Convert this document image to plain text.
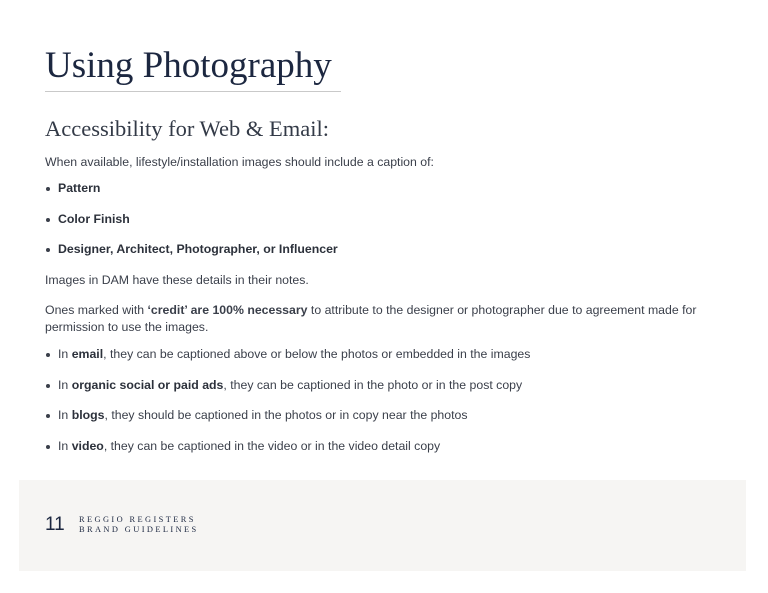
Using Photography
Accessibility for Web & Email:

When available, lifestyle/installation images should include a caption of:

Pattern
Color Finish
Designer, Architect, Photographer, or Influencer

Images in DAM have these details in their notes.

Ones marked with ‘credit’ are 100% necessary to attribute to the designer or photographer due to agreement made for permission to use the images.

In email, they can be captioned above or below the photos or embedded in the images
In organic social or paid ads, they can be captioned in the photo or in the post copy
In blogs, they should be captioned in the photos or in copy near the photos
In video, they can be captioned in the video or in the video detail copy
11 REGGIO REGISTERS
BRAND GUIDELINES
